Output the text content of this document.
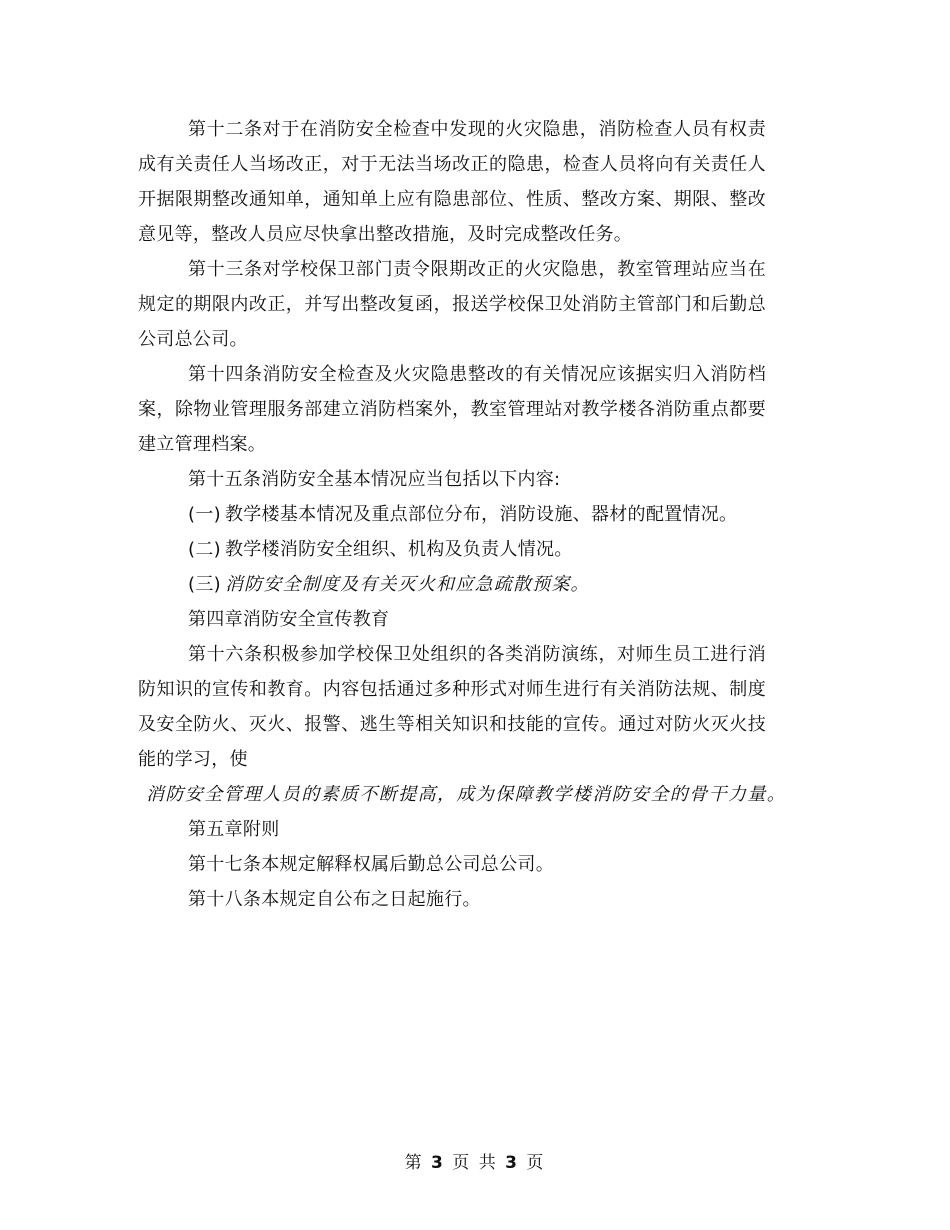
第十二条对于在消防安全检查中发现的火灾隐患，消防检查人员有权责成有关责任人当场改正，对于无法当场改正的隐患，检查人员将向有关责任人开据限期整改通知单，通知单上应有隐患部位、性质、整改方案、期限、整改意见等，整改人员应尽快拿出整改措施，及时完成整改任务。

第十三条对学校保卫部门责令限期改正的火灾隐患，教室管理站应当在规定的期限内改正，并写出整改复函，报送学校保卫处消防主管部门和后勤总公司总公司。

第十四条消防安全检查及火灾隐患整改的有关情况应该据实归入消防档案，除物业管理服务部建立消防档案外，教室管理站对教学楼各消防重点都要建立管理档案。

第十五条消防安全基本情况应当包括以下内容:

(一) 教学楼基本情况及重点部位分布，消防设施、器材的配置情况。

(二) 教学楼消防安全组织、机构及负责人情况。

(三) 消防安全制度及有关灭火和应急疏散预案。

第四章消防安全宣传教育

第十六条积极参加学校保卫处组织的各类消防演练，对师生员工进行消防知识的宣传和教育。内容包括通过多种形式对师生进行有关消防法规、制度及安全防火、灭火、报警、逃生等相关知识和技能的宣传。通过对防火灭火技能的学习，使

消防安全管理人员的素质不断提高，成为保障教学楼消防安全的骨干力量。

第五章附则

第十七条本规定解释权属后勤总公司总公司。

第十八条本规定自公布之日起施行。

第 3 页 共 3 页
